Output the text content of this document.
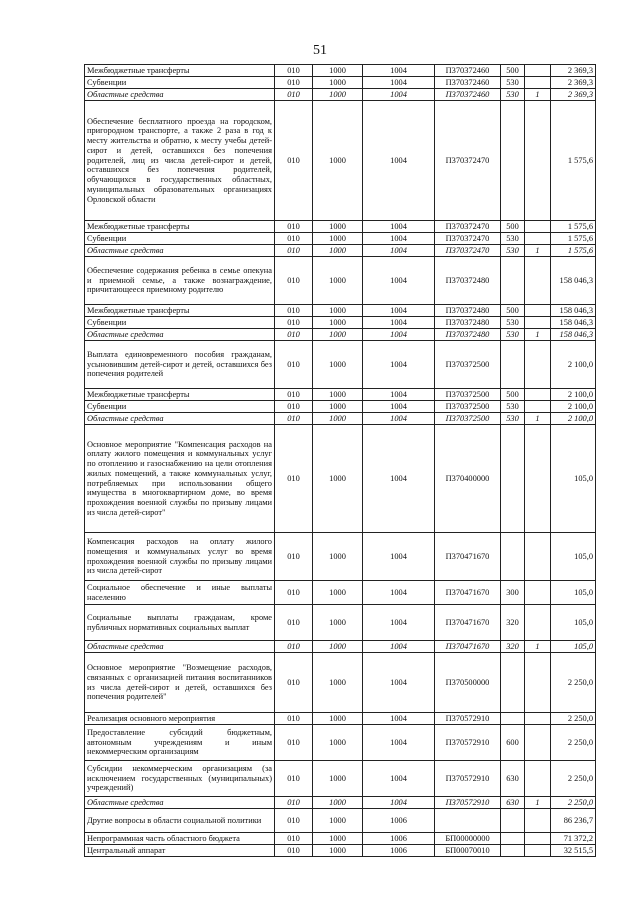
51
Межбюджетные трансферты	010	1000	1004	П370372460	500		2 369,3
Субвенции	010	1000	1004	П370372460	530		2 369,3
Областные средства	010	1000	1004	П370372460	530	1	2 369,3
Обеспечение бесплатного проезда на городском, пригородном транспорте, а также 2 раза в год к месту жительства и обратно, к месту учебы детей-сирот и детей, оставшихся без попечения родителей, лиц из числа детей-сирот и детей, оставшихся без попечения родителей, обучающихся в государственных областных, муниципальных образовательных организациях Орловской области	010	1000	1004	П370372470			1 575,6
Межбюджетные трансферты	010	1000	1004	П370372470	500		1 575,6
Субвенции	010	1000	1004	П370372470	530		1 575,6
Областные средства	010	1000	1004	П370372470	530	1	1 575,6
Обеспечение содержания ребенка в семье опекуна и приемной семье, а также вознаграждение, причитающееся приемному родителю	010	1000	1004	П370372480			158 046,3
Межбюджетные трансферты	010	1000	1004	П370372480	500		158 046,3
Субвенции	010	1000	1004	П370372480	530		158 046,3
Областные средства	010	1000	1004	П370372480	530	1	158 046,3
Выплата единовременного пособия гражданам, усыновившим детей-сирот и детей, оставшихся без попечения родителей	010	1000	1004	П370372500			2 100,0
Межбюджетные трансферты	010	1000	1004	П370372500	500		2 100,0
Субвенции	010	1000	1004	П370372500	530		2 100,0
Областные средства	010	1000	1004	П370372500	530	1	2 100,0
Основное мероприятие "Компенсация расходов на оплату жилого помещения и коммунальных услуг по отоплению и газоснабжению на цели отопления жилых помещений, а также коммунальных услуг, потребляемых при использовании общего имущества в многоквартирном доме, во время прохождения военной службы по призыву лицами из числа детей-сирот"	010	1000	1004	П370400000			105,0
Компенсация расходов на оплату жилого помещения и коммунальных услуг во время прохождения военной службы по призыву лицами из числа детей-сирот	010	1000	1004	П370471670			105,0
Социальное обеспечение и иные выплаты населению	010	1000	1004	П370471670	300		105,0
Социальные выплаты гражданам, кроме публичных нормативных социальных выплат	010	1000	1004	П370471670	320		105,0
Областные средства	010	1000	1004	П370471670	320	1	105,0
Основное мероприятие "Возмещение расходов, связанных с организацией питания воспитанников из числа детей-сирот и детей, оставшихся без попечения родителей"	010	1000	1004	П370500000			2 250,0
Реализация основного мероприятия	010	1000	1004	П370572910			2 250,0
Предоставление субсидий бюджетным, автономным учреждениям и иным некоммерческим организациям	010	1000	1004	П370572910	600		2 250,0
Субсидии некоммерческим организациям (за исключением государственных (муниципальных) учреждений)	010	1000	1004	П370572910	630		2 250,0
Областные средства	010	1000	1004	П370572910	630	1	2 250,0
Другие вопросы в области социальной политики	010	1000	1006				86 236,7
Непрограммная часть областного бюджета	010	1000	1006	БП00000000			71 372,2
Центральный аппарат	010	1000	1006	БП00070010			32 515,5
